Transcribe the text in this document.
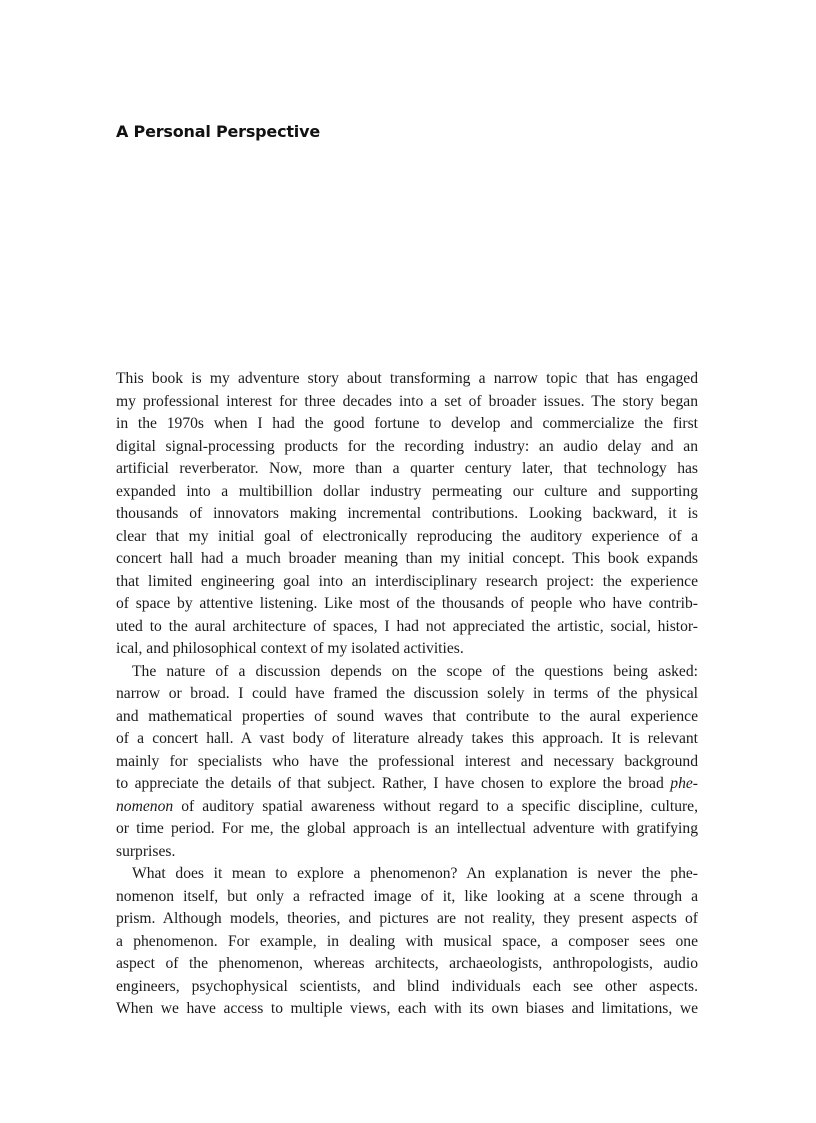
A Personal Perspective
This book is my adventure story about transforming a narrow topic that has engaged
my professional interest for three decades into a set of broader issues. The story began
in the 1970s when I had the good fortune to develop and commercialize the first
digital signal-processing products for the recording industry: an audio delay and an
artificial reverberator. Now, more than a quarter century later, that technology has
expanded into a multibillion dollar industry permeating our culture and supporting
thousands of innovators making incremental contributions. Looking backward, it is
clear that my initial goal of electronically reproducing the auditory experience of a
concert hall had a much broader meaning than my initial concept. This book expands
that limited engineering goal into an interdisciplinary research project: the experience
of space by attentive listening. Like most of the thousands of people who have contrib-
uted to the aural architecture of spaces, I had not appreciated the artistic, social, histor-
ical, and philosophical context of my isolated activities.
The nature of a discussion depends on the scope of the questions being asked:
narrow or broad. I could have framed the discussion solely in terms of the physical
and mathematical properties of sound waves that contribute to the aural experience
of a concert hall. A vast body of literature already takes this approach. It is relevant
mainly for specialists who have the professional interest and necessary background
to appreciate the details of that subject. Rather, I have chosen to explore the broad phe-
nomenon of auditory spatial awareness without regard to a specific discipline, culture,
or time period. For me, the global approach is an intellectual adventure with gratifying
surprises.
What does it mean to explore a phenomenon? An explanation is never the phe-
nomenon itself, but only a refracted image of it, like looking at a scene through a
prism. Although models, theories, and pictures are not reality, they present aspects of
a phenomenon. For example, in dealing with musical space, a composer sees one
aspect of the phenomenon, whereas architects, archaeologists, anthropologists, audio
engineers, psychophysical scientists, and blind individuals each see other aspects.
When we have access to multiple views, each with its own biases and limitations, we
